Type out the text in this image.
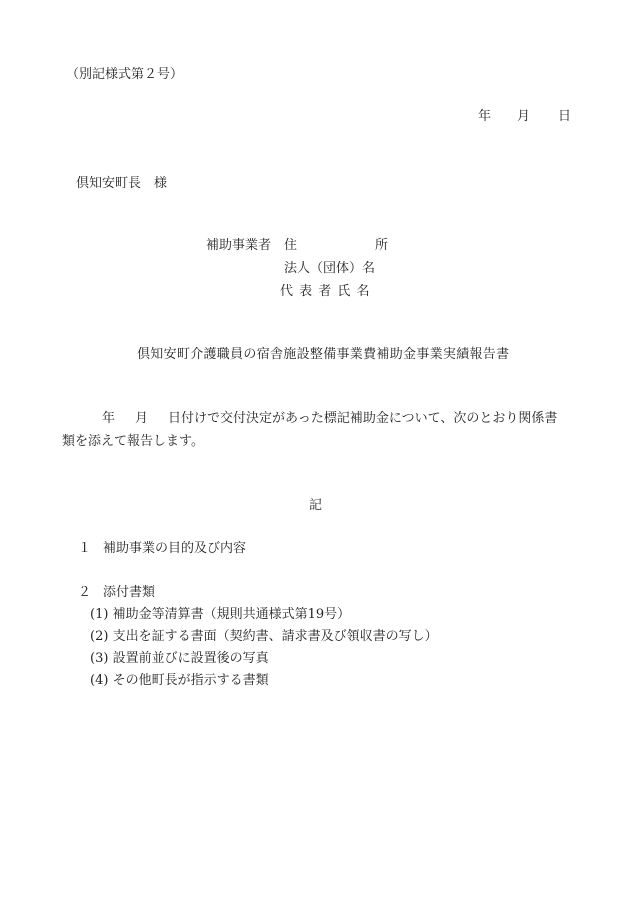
（別記様式第２号）
年 月 日
倶知安町長　様
補助事業者 住	所
法人（団体）名
代 表 者 氏 名
倶知安町介護職員の宿舎施設整備事業費補助金事業実績報告書
年 月 日付けで交付決定があった標記補助金について、次のとおり関係書
類を添えて報告します。
記
１ 補助事業の目的及び内容
２ 添付書類
(1) 補助金等清算書（規則共通様式第19号）
(2) 支出を証する書面（契約書、請求書及び領収書の写し）
(3) 設置前並びに設置後の写真
(4) その他町長が指示する書類
